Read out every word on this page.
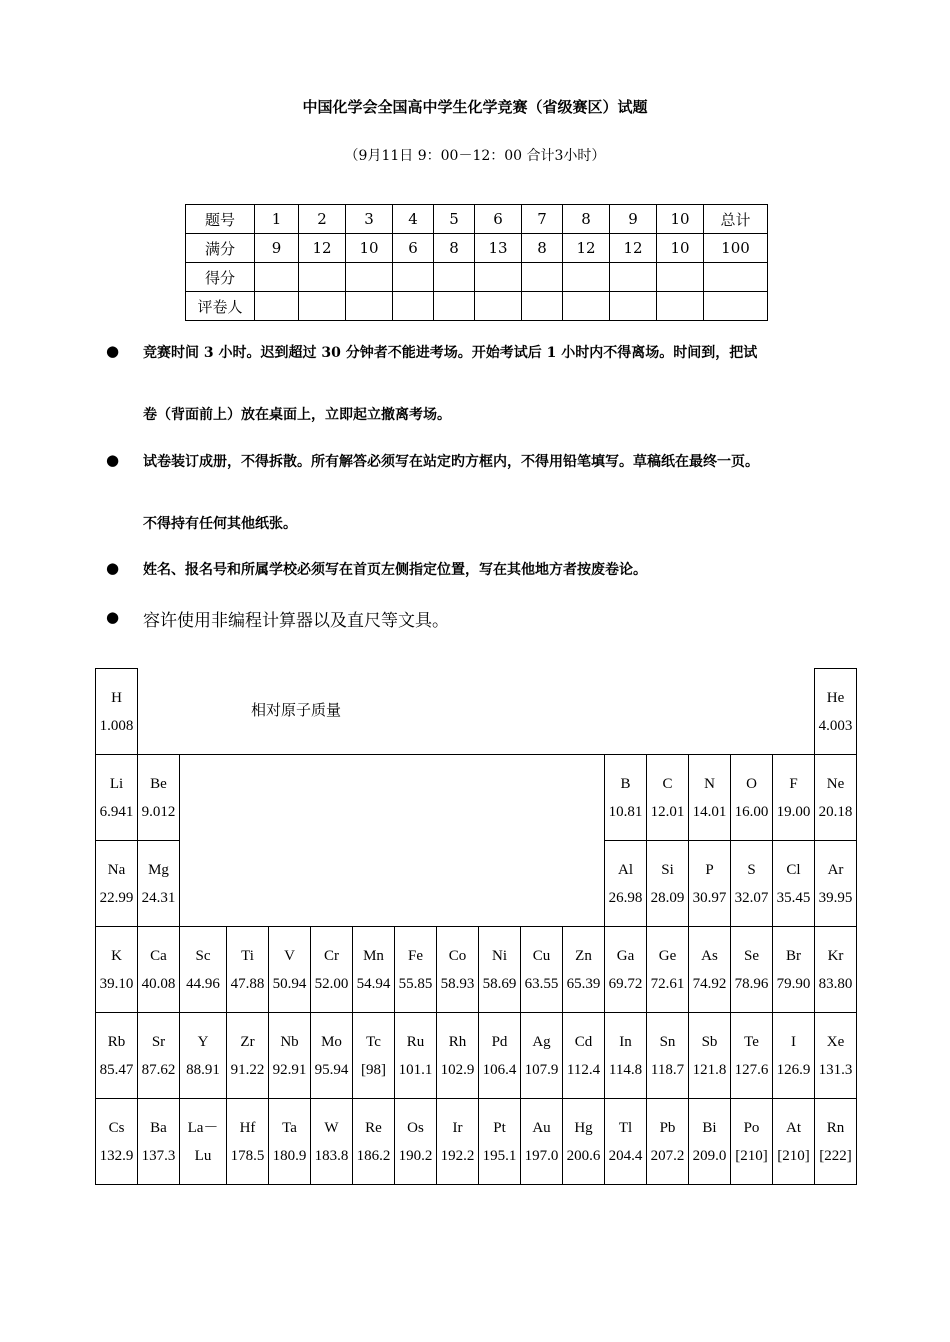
中国化学会全国高中学生化学竞赛（省级赛区）试题
（9月11日 9：00－12：00 合计3小时）
题号	1	2	3	4	5	6	7	8	9	10	总计
满分	9	12	10	6	8	13	8	12	12	10	100
得分											
评卷人											
● 竞赛时间 3 小时。迟到超过 30 分钟者不能进考场。开始考试后 1 小时内不得离场。时间到，把试
卷（背面前上）放在桌面上，立即起立撤离考场。
● 试卷装订成册，不得拆散。所有解答必须写在站定旳方框内，不得用铅笔填写。草稿纸在最终一页。
不得持有任何其他纸张。
● 姓名、报名号和所属学校必须写在首页左侧指定位置，写在其他地方者按废卷论。
● 容许使用非编程计算器以及直尺等文具。
H
1.008	相对原子质量																He
4.003

Li
6.941	Be
9.012											B
10.81	C
12.01	N
14.01	O
16.00	F
19.00	Ne
20.18

Na
22.99	Mg
24.31											Al
26.98	Si
28.09	P
30.97	S
32.07	Cl
35.45	Ar
39.95

K
39.10	Ca
40.08	Sc
44.96	Ti
47.88	V
50.94	Cr
52.00	Mn
54.94	Fe
55.85	Co
58.93	Ni
58.69	Cu
63.55	Zn
65.39	Ga
69.72	Ge
72.61	As
74.92	Se
78.96	Br
79.90	Kr
83.80

Rb
85.47	Sr
87.62	Y
88.91	Zr
91.22	Nb
92.91	Mo
95.94	Tc
[98]	Ru
101.1	Rh
102.9	Pd
106.4	Ag
107.9	Cd
112.4	In
114.8	Sn
118.7	Sb
121.8	Te
127.6	I
126.9	Xe
131.3

Cs
132.9	Ba
137.3	La－
Lu	Hf
178.5	Ta
180.9	W
183.8	Re
186.2	Os
190.2	Ir
192.2	Pt
195.1	Au
197.0	Hg
200.6	Tl
204.4	Pb
207.2	Bi
209.0	Po
[210]	At
[210]	Rn
[222]
